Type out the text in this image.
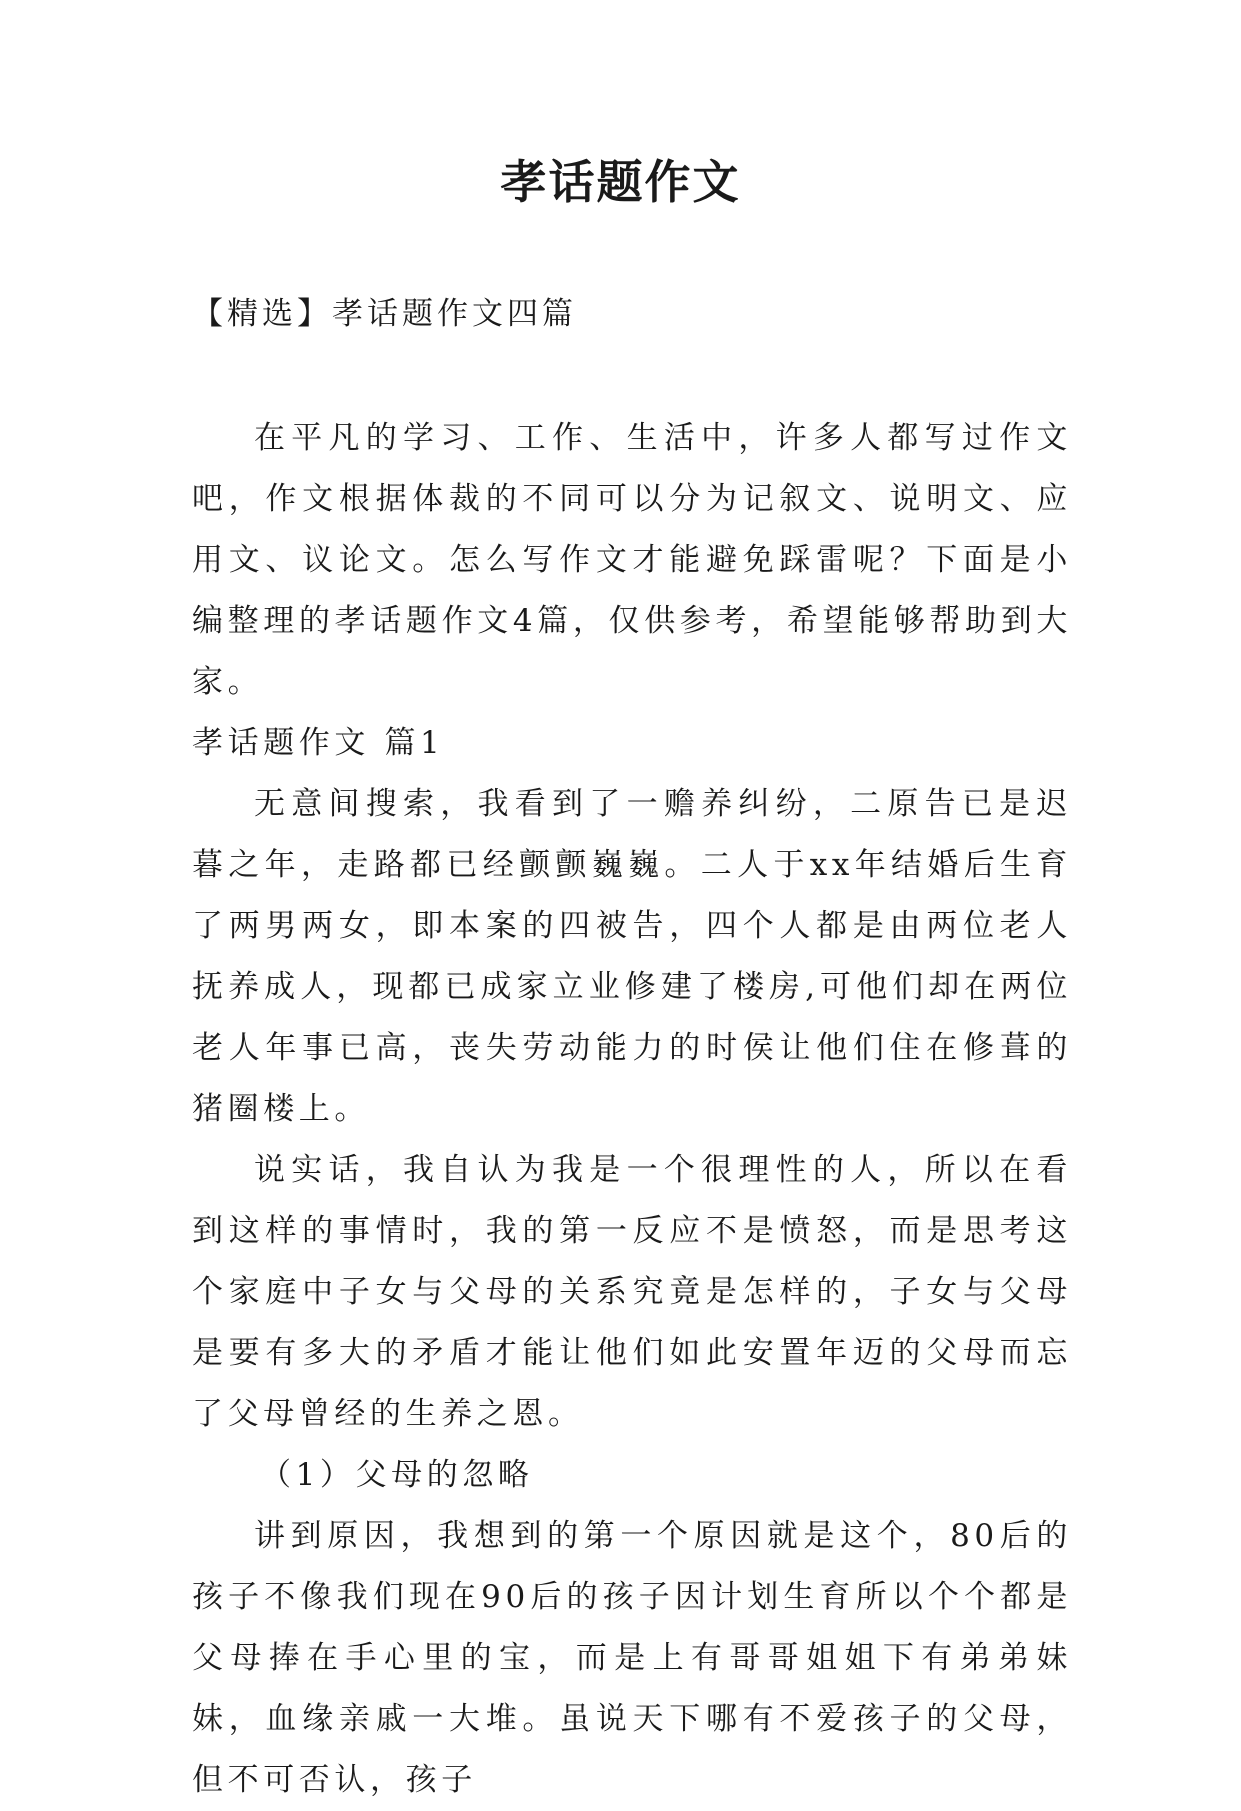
孝话题作文

【精选】孝话题作文四篇

在平凡的学习、工作、生活中，许多人都写过作文吧，作文根据体裁的不同可以分为记叙文、说明文、应用文、议论文。怎么写作文才能避免踩雷呢？下面是小编整理的孝话题作文4篇，仅供参考，希望能够帮助到大家。

孝话题作文 篇1

无意间搜索，我看到了一赡养纠纷，二原告已是迟暮之年，走路都已经颤颤巍巍。二人于xx年结婚后生育了两男两女，即本案的四被告，四个人都是由两位老人抚养成人，现都已成家立业修建了楼房,可他们却在两位老人年事已高，丧失劳动能力的时侯让他们住在修葺的猪圈楼上。

说实话，我自认为我是一个很理性的人，所以在看到这样的事情时，我的第一反应不是愤怒，而是思考这个家庭中子女与父母的关系究竟是怎样的，子女与父母是要有多大的矛盾才能让他们如此安置年迈的父母而忘了父母曾经的生养之恩。

（1）父母的忽略

讲到原因，我想到的第一个原因就是这个，80后的孩子不像我们现在90后的孩子因计划生育所以个个都是父母捧在手心里的宝，而是上有哥哥姐姐下有弟弟妹妹，血缘亲戚一大堆。虽说天下哪有不爱孩子的父母，但不可否认，孩子
